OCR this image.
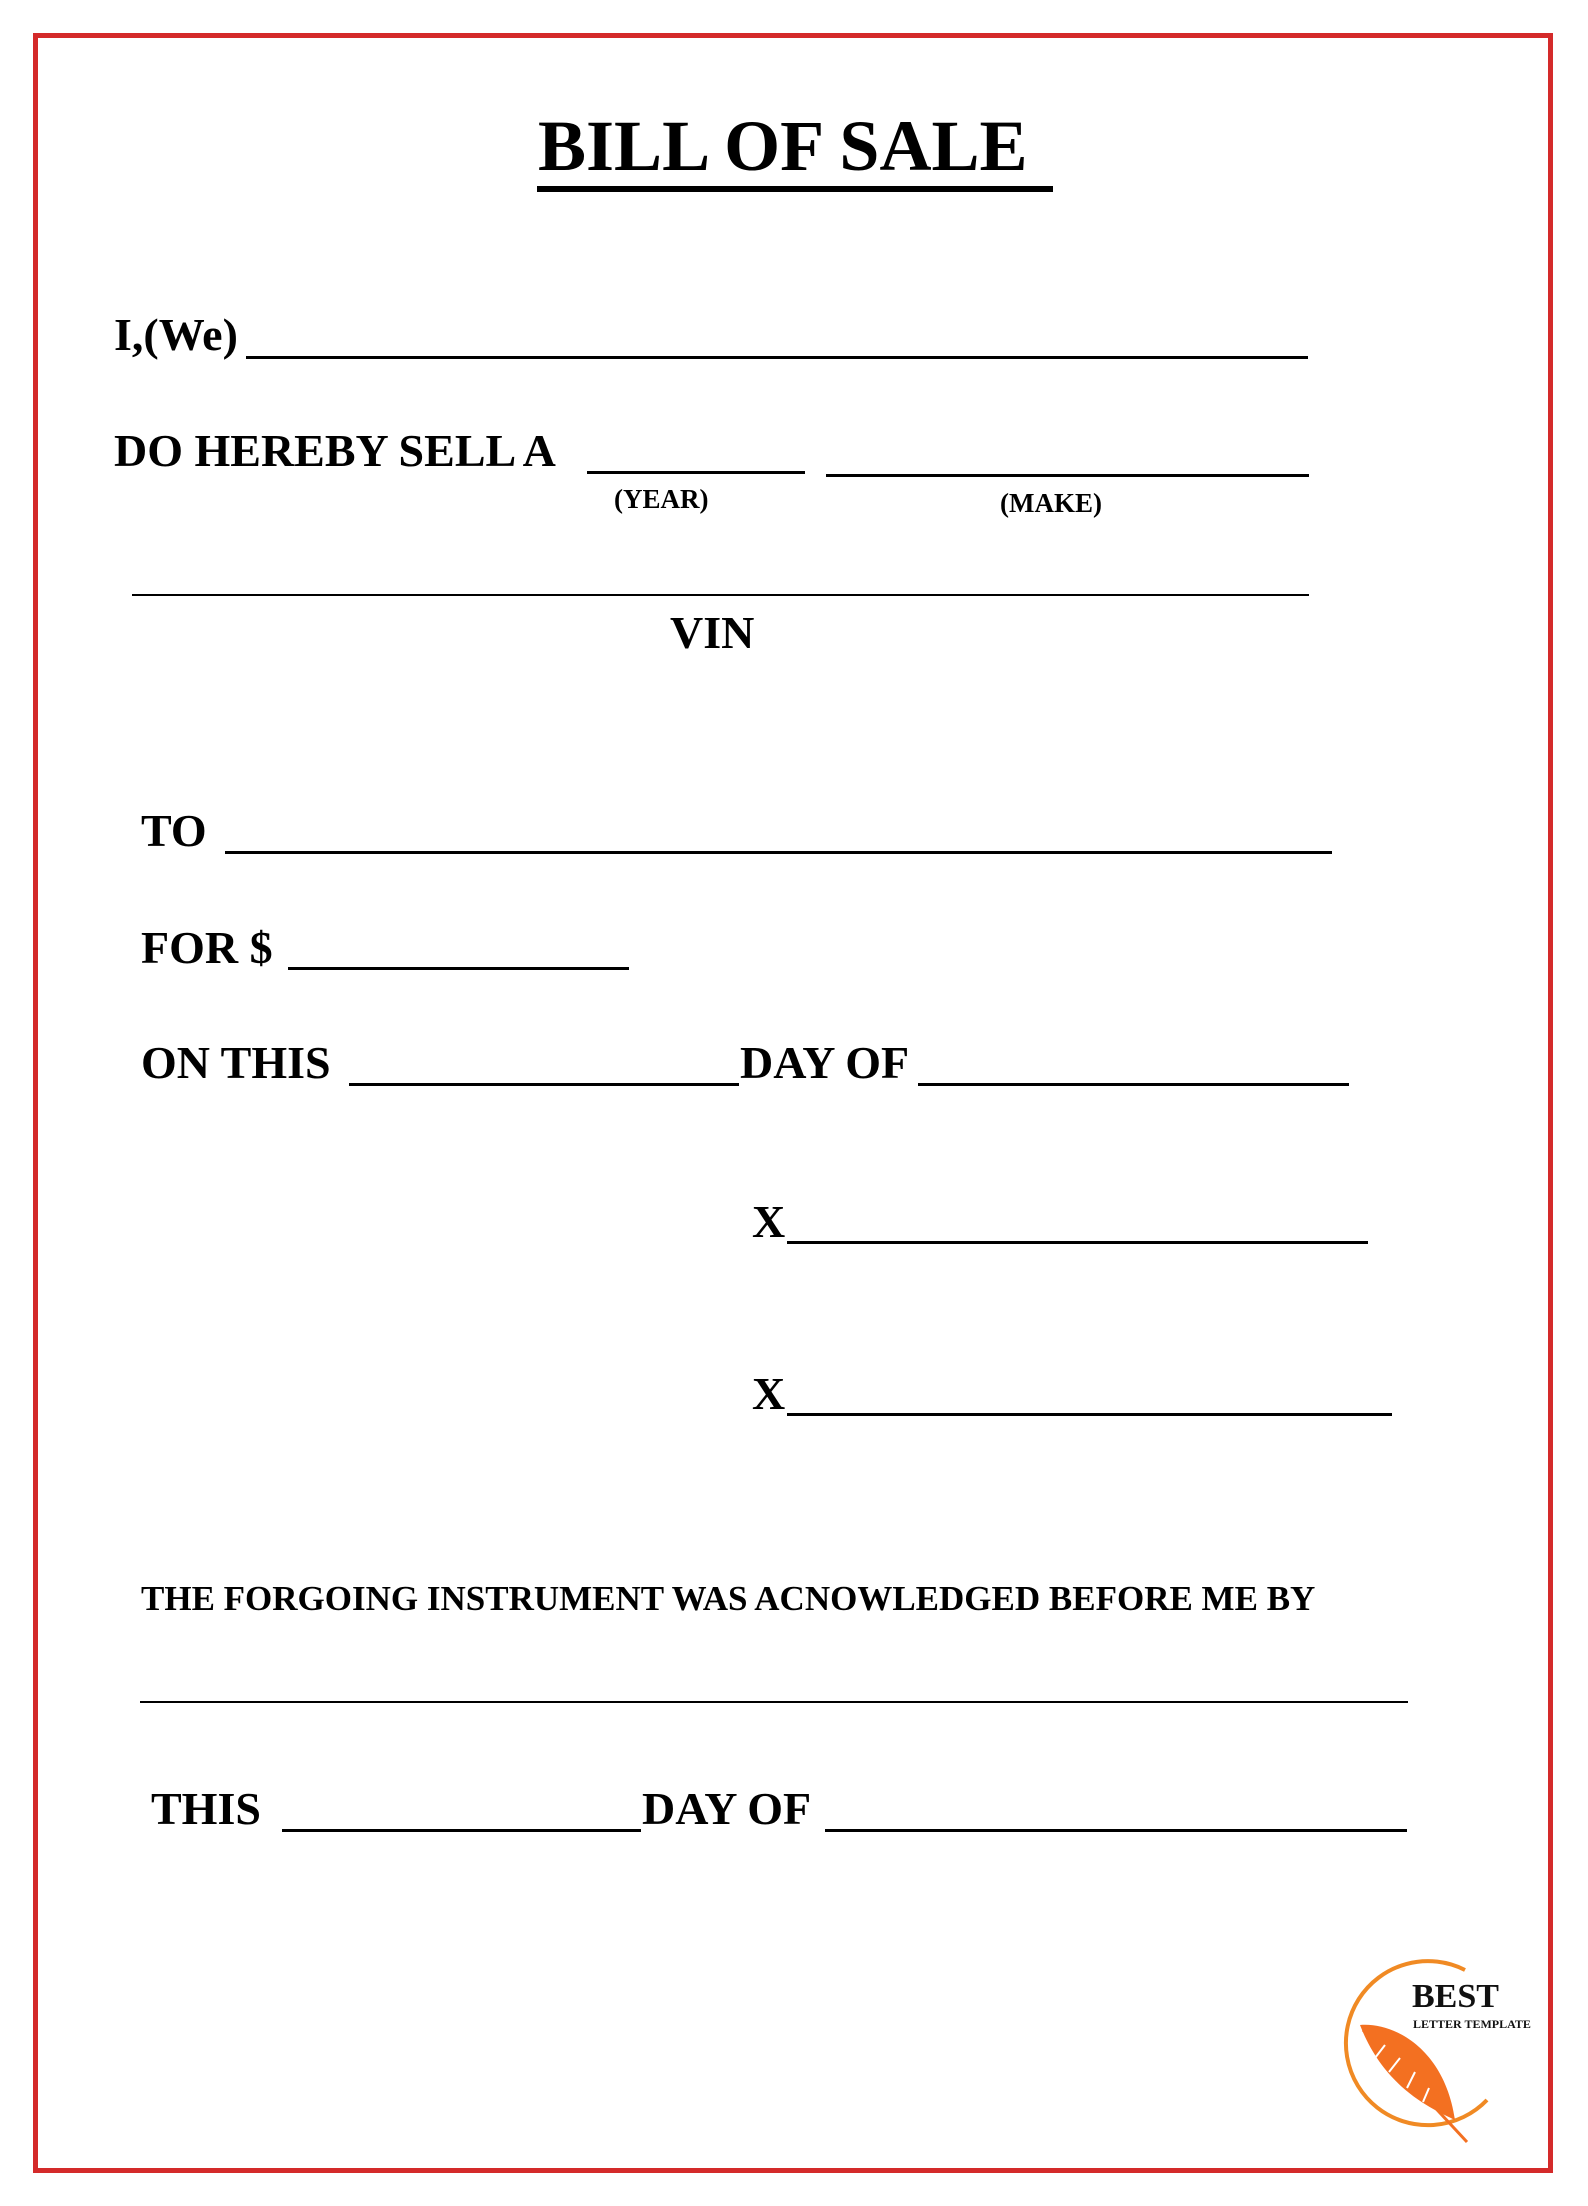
BILL OF SALE
I,(We)
DO HEREBY SELL A
(YEAR)	(MAKE)
VIN
TO
FOR $
ON THIS	DAY OF
X
X
THE FORGOING INSTRUMENT WAS ACNOWLEDGED BEFORE ME BY
THIS	DAY OF
BEST
LETTER TEMPLATE
